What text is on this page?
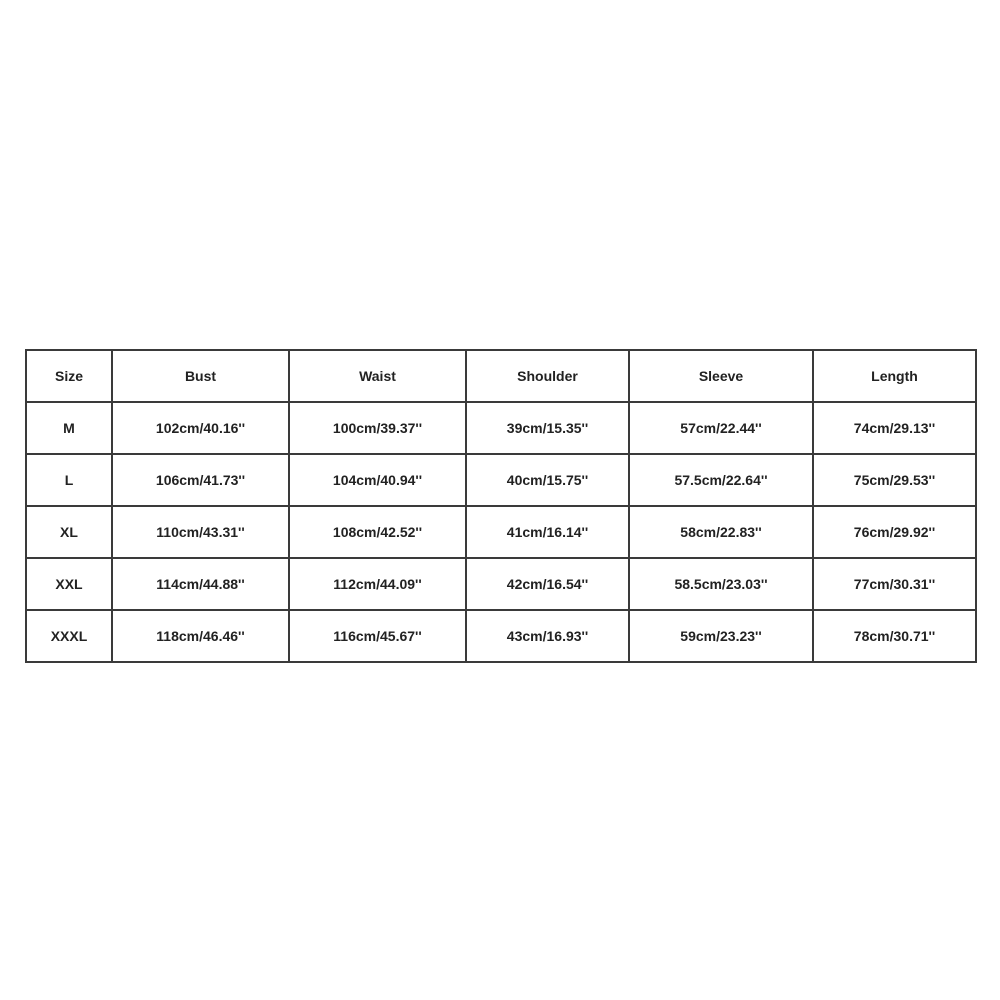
Size	Bust	Waist	Shoulder	Sleeve	Length
M	102cm/40.16''	100cm/39.37''	39cm/15.35''	57cm/22.44''	74cm/29.13''
L	106cm/41.73''	104cm/40.94''	40cm/15.75''	57.5cm/22.64''	75cm/29.53''
XL	110cm/43.31''	108cm/42.52''	41cm/16.14''	58cm/22.83''	76cm/29.92''
XXL	114cm/44.88''	112cm/44.09''	42cm/16.54''	58.5cm/23.03''	77cm/30.31''
XXXL	118cm/46.46''	116cm/45.67''	43cm/16.93''	59cm/23.23''	78cm/30.71''
